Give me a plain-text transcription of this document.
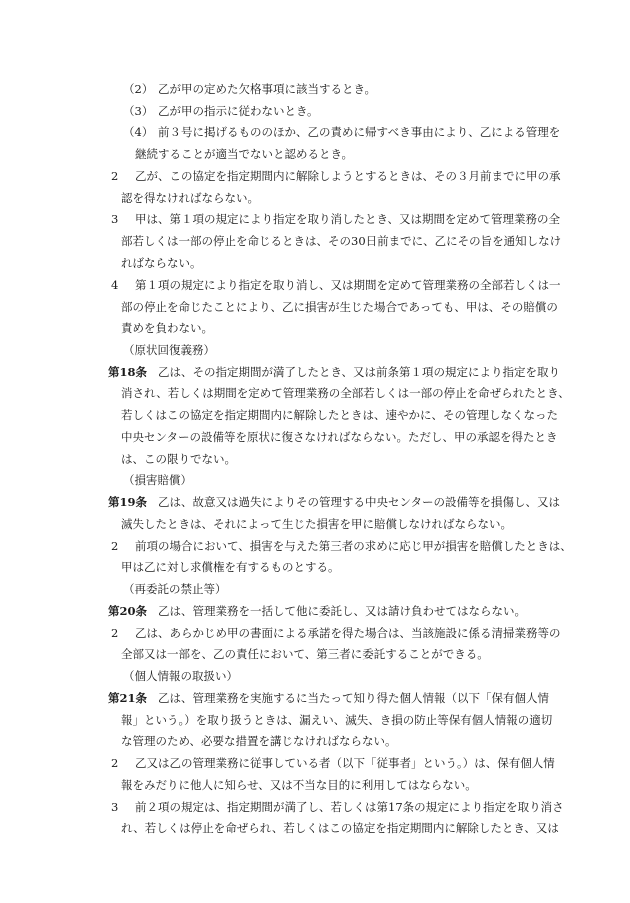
（2） 乙が甲の定めた欠格事項に該当するとき。
（3） 乙が甲の指示に従わないとき。
（4） 前３号に掲げるもののほか、乙の責めに帰すべき事由により、乙による管理を
継続することが適当でないと認めるとき。
2 乙が、この協定を指定期間内に解除しようとするときは、その３月前までに甲の承
認を得なければならない。
3 甲は、第１項の規定により指定を取り消したとき、又は期間を定めて管理業務の全
部若しくは一部の停止を命じるときは、その30日前までに、乙にその旨を通知しなけ
ればならない。
4 第１項の規定により指定を取り消し、又は期間を定めて管理業務の全部若しくは一
部の停止を命じたことにより、乙に損害が生じた場合であっても、甲は、その賠償の
責めを負わない。
（原状回復義務）
第18条 乙は、その指定期間が満了したとき、又は前条第１項の規定により指定を取り
消され、若しくは期間を定めて管理業務の全部若しくは一部の停止を命ぜられたとき、
若しくはこの協定を指定期間内に解除したときは、速やかに、その管理しなくなった
中央センターの設備等を原状に復さなければならない。ただし、甲の承認を得たとき
は、この限りでない。
（損害賠償）
第19条 乙は、故意又は過失によりその管理する中央センターの設備等を損傷し、又は
滅失したときは、それによって生じた損害を甲に賠償しなければならない。
2 前項の場合において、損害を与えた第三者の求めに応じ甲が損害を賠償したときは、
甲は乙に対し求償権を有するものとする。
（再委託の禁止等）
第20条 乙は、管理業務を一括して他に委託し、又は請け負わせてはならない。
2 乙は、あらかじめ甲の書面による承諾を得た場合は、当該施設に係る清掃業務等の
全部又は一部を、乙の責任において、第三者に委託することができる。
（個人情報の取扱い）
第21条 乙は、管理業務を実施するに当たって知り得た個人情報（以下「保有個人情
報」という。）を取り扱うときは、漏えい、滅失、き損の防止等保有個人情報の適切
な管理のため、必要な措置を講じなければならない。
2 乙又は乙の管理業務に従事している者（以下「従事者」という。）は、保有個人情
報をみだりに他人に知らせ、又は不当な目的に利用してはならない。
3 前２項の規定は、指定期間が満了し、若しくは第17条の規定により指定を取り消さ
れ、若しくは停止を命ぜられ、若しくはこの協定を指定期間内に解除したとき、又は
